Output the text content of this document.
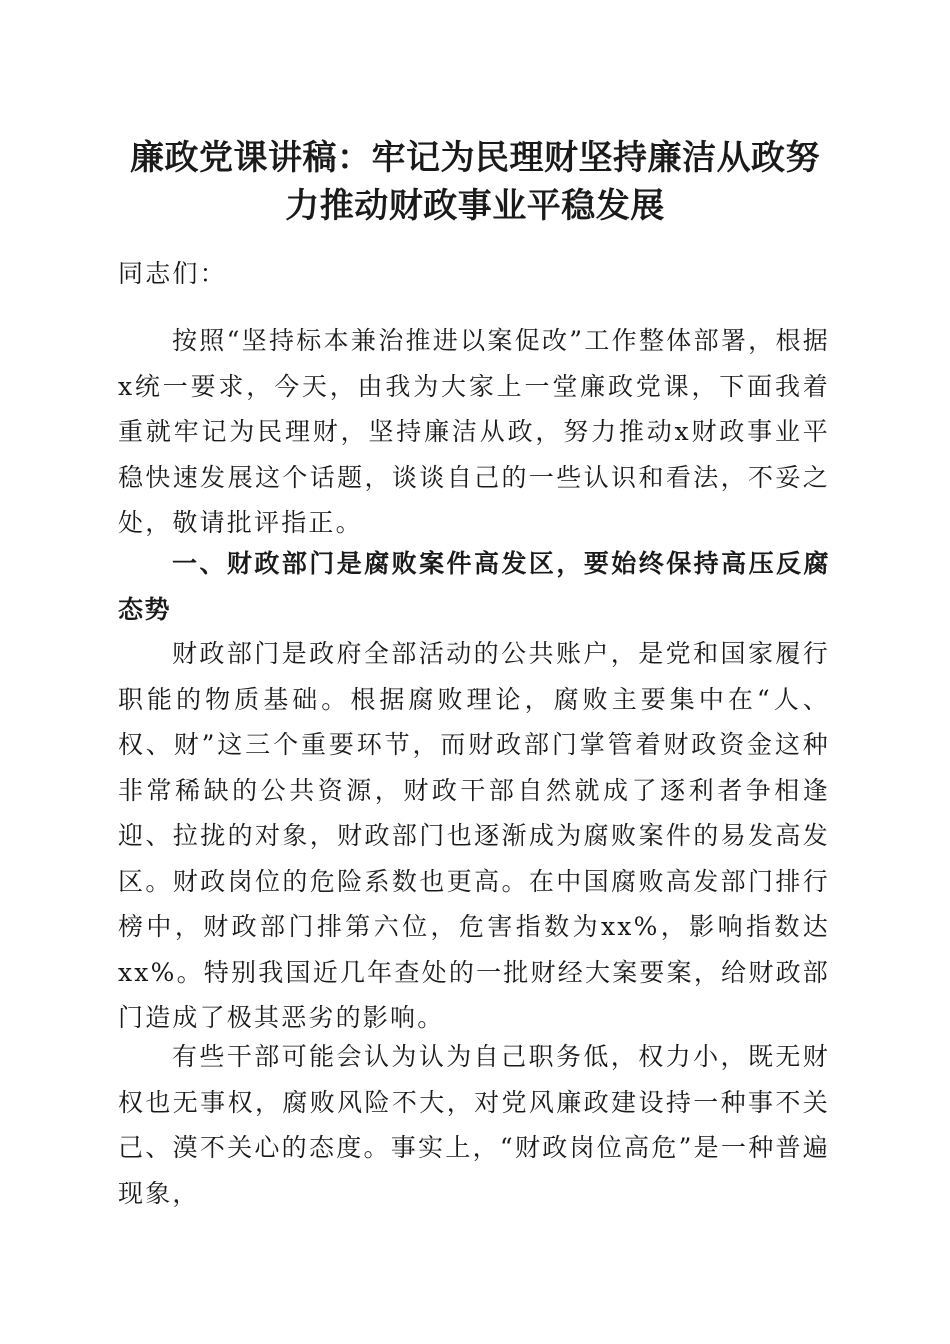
廉政党课讲稿：牢记为民理财坚持廉洁从政努
力推动财政事业平稳发展

同志们：

按照“坚持标本兼治推进以案促改”工作整体部署，根据x统一要求，今天，由我为大家上一堂廉政党课，下面我着重就牢记为民理财，坚持廉洁从政，努力推动x财政事业平稳快速发展这个话题，谈谈自己的一些认识和看法，不妥之处，敬请批评指正。

一、财政部门是腐败案件高发区，要始终保持高压反腐态势

财政部门是政府全部活动的公共账户，是党和国家履行职能的物质基础。根据腐败理论，腐败主要集中在“人、权、财”这三个重要环节，而财政部门掌管着财政资金这种非常稀缺的公共资源，财政干部自然就成了逐利者争相逢迎、拉拢的对象，财政部门也逐渐成为腐败案件的易发高发区。财政岗位的危险系数也更高。在中国腐败高发部门排行榜中，财政部门排第六位，危害指数为xx%，影响指数达xx%。特别我国近几年查处的一批财经大案要案，给财政部门造成了极其恶劣的影响。

有些干部可能会认为认为自己职务低，权力小，既无财权也无事权，腐败风险不大，对党风廉政建设持一种事不关己、漠不关心的态度。事实上，“财政岗位高危”是一种普遍现象，
